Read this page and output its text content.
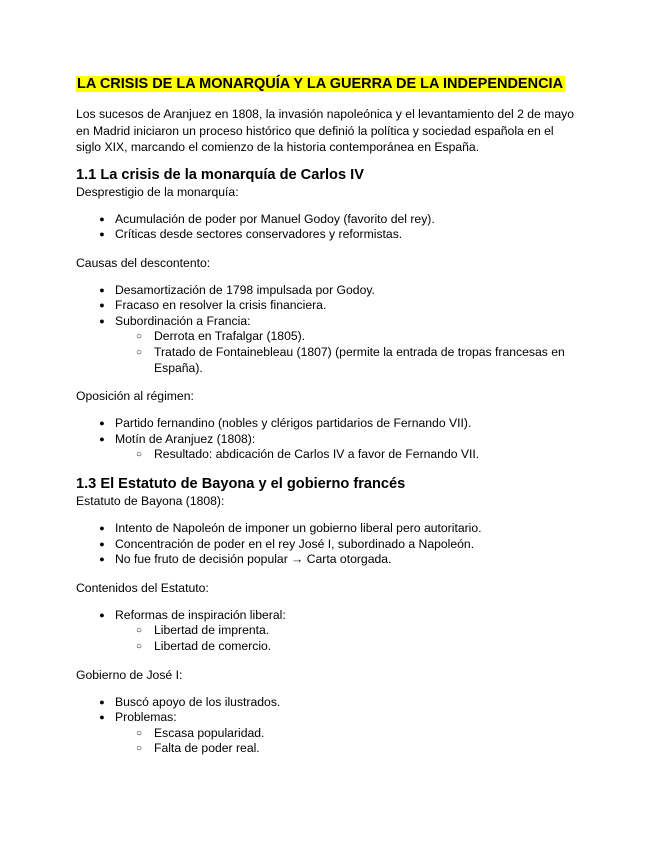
LA CRISIS DE LA MONARQUÍA Y LA GUERRA DE LA INDEPENDENCIA

Los sucesos de Aranjuez en 1808, la invasión napoleónica y el levantamiento del 2 de mayo en Madrid iniciaron un proceso histórico que definió la política y sociedad española en el siglo XIX, marcando el comienzo de la historia contemporánea en España.

1.1 La crisis de la monarquía de Carlos IV

Desprestigio de la monarquía:

● Acumulación de poder por Manuel Godoy (favorito del rey).
● Críticas desde sectores conservadores y reformistas.

Causas del descontento:

● Desamortización de 1798 impulsada por Godoy.
● Fracaso en resolver la crisis financiera.
● Subordinación a Francia:
○ Derrota en Trafalgar (1805).
○ Tratado de Fontainebleau (1807) (permite la entrada de tropas francesas en España).

Oposición al régimen:

● Partido fernandino (nobles y clérigos partidarios de Fernando VII).
● Motín de Aranjuez (1808):
○ Resultado: abdicación de Carlos IV a favor de Fernando VII.
1.3 El Estatuto de Bayona y el gobierno francés

Estatuto de Bayona (1808):

● Intento de Napoleón de imponer un gobierno liberal pero autoritario.
● Concentración de poder en el rey José I, subordinado a Napoleón.
● No fue fruto de decisión popular → Carta otorgada.

Contenidos del Estatuto:

● Reformas de inspiración liberal:
○ Libertad de imprenta.
○ Libertad de comercio.

Gobierno de José I:

● Buscó apoyo de los ilustrados.
● Problemas:
○ Escasa popularidad.
○ Falta de poder real.
